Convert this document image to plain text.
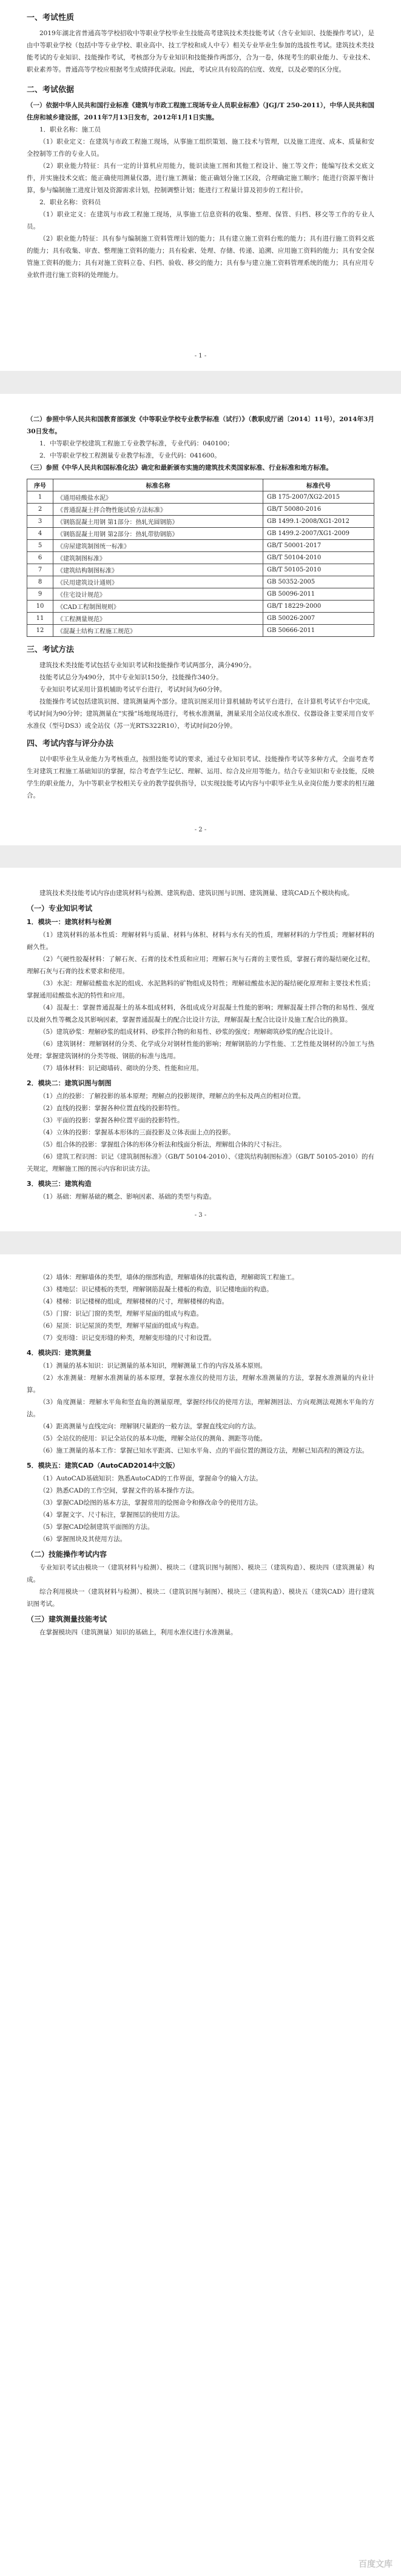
一、考试性质

2019年湖北省普通高等学校招收中等职业学校毕业生技能高考建筑技术类技能考试（含专业知识、技能操作考试），是由中等职业学校（包括中等专业学校、职业高中、技工学校和成人中专）相关专业毕业生参加的选拔性考试。建筑技术类技能考试的专业知识、技能操作考试，考核部分为专业知识和技能操作两部分，合为一卷，体现考生的职业能力、专业技术、职业素养等。普通高等学校应根据考生成绩择优录取。因此，考试应具有较高的信度、效度，以及必要的区分度。

二、考试依据

（一）依据中华人民共和国行业标准《建筑与市政工程施工现场专业人员职业标准》（JGJ/T 250-2011），中华人民共和国住房和城乡建设部，2011年7月13日发布，2012年1月1日实施。

1．职业名称：施工员

（1）职业定义：在建筑与市政工程施工现场，从事施工组织策划、施工技术与管理，以及施工进度、成本、质量和安全控制等工作的专业人员。

（2）职业能力特征：具有一定的计算机应用能力，能识读施工图和其他工程设计、施工等文件；能编写技术交底文件，并实施技术交底；能正确使用测量仪器，进行施工测量；能正确划分施工区段，合理确定施工顺序；能进行资源平衡计算，参与编制施工进度计划及资源需求计划，控制调整计划；能进行工程量计算及初步的工程计价。

2．职业名称：资料员

（1）职业定义：在建筑与市政工程施工现场，从事施工信息资料的收集、整理、保管、归档、移交等工作的专业人员。

（2）职业能力特征：具有参与编制施工资料管理计划的能力；具有建立施工资料台账的能力；具有进行施工资料交底的能力；具有收集、审查、整理施工资料的能力；具有检索、处理、存储、传递、追溯、应用施工资料的能力；具有安全保管施工资料的能力；具有对施工资料立卷、归档、验收、移交的能力；具有参与建立施工资料管理系统的能力；具有应用专业软件进行施工资料的处理能力。

- 1 -

（二）参照中华人民共和国教育部颁发《中等职业学校专业教学标准（试行）》（教职成厅函〔2014〕11号），2014年3月30日发布。

1．中等职业学校建筑工程施工专业教学标准，专业代码：040100；

2．中等职业学校工程测量专业教学标准，专业代码：041600。

（三）参照《中华人民共和国标准化法》确定和最新颁布实施的建筑技术类国家标准、行业标准和地方标准。

序号	标准名称	标准代号
1	《通用硅酸盐水泥》	GB 175-2007/XG2-2015
2	《普通混凝土拌合物性能试验方法标准》	GB/T 50080-2016
3	《钢筋混凝土用钢 第1部分：热轧光圆钢筋》	GB 1499.1-2008/XG1-2012
4	《钢筋混凝土用钢 第2部分：热轧带肋钢筋》	GB 1499.2-2007/XG1-2009
5	《房屋建筑制图统一标准》	GB/T 50001-2017
6	《建筑制图标准》	GB/T 50104-2010
7	《建筑结构制图标准》	GB/T 50105-2010
8	《民用建筑设计通则》	GB 50352-2005
9	《住宅设计规范》	GB 50096-2011
10	《CAD工程制图规则》	GB/T 18229-2000
11	《工程测量规范》	GB 50026-2007
12	《混凝土结构工程施工规范》	GB 50666-2011
三、考试方法

建筑技术类技能考试包括专业知识考试和技能操作考试两部分，满分490分。

技能考试总分为490分，其中专业知识150分，技能操作340分。

专业知识考试采用计算机辅助考试平台进行，考试时间为60分钟。

技能操作考试包括建筑识图、建筑测量两个部分。建筑识图采用计算机辅助考试平台进行，在计算机考试平台中完成，考试时间为90分钟；建筑测量在“实操”场地现场进行，考核水准测量，测量采用全站仪或水准仪、仪器设备主要采用自安平水准仪（型号DS3）或全站仪（苏一光RTS322R10），考试时间20分钟。

四、考试内容与评分办法

以中职毕业生从业能力为考核重点，按照技能考试的要求，通过专业知识考试、技能操作考试等多种方式，全面考查考生对建筑工程施工基础知识的掌握，综合考查学生记忆、理解、运用、综合及应用等能力。结合专业知识和专业技能，反映学生的职业能力，为中等职业学校相关专业的教学提供指导，以实现技能考试内容与中职毕业生从业岗位能力要求的相互融合。

- 2 -

建筑技术类技能考试内容由建筑材料与检测、建筑构造、建筑识图与识图、建筑测量、建筑CAD五个模块构成。

（一）专业知识考试
1．模块一：建筑材料与检测

（1）建筑材料的基本性质：理解材料与质量、材料与体积、材料与水有关的性质，理解材料的力学性质；理解材料的耐久性。

（2）气硬性胶凝材料：了解石灰、石膏的技术性质和应用；理解石灰与石膏的主要性质，掌握石膏的凝结硬化过程，理解石灰与石膏的技术要求和使用。

（3）水泥：理解硅酸盐水泥的组成、水泥熟料的矿物组成及特性；理解硅酸盐水泥的凝结硬化原理和主要技术性质；掌握通用硅酸盐水泥的特性和应用。

（4）混凝土：掌握普通混凝土的基本组成材料，各组成成分对混凝土性能的影响；理解混凝土拌合物的和易性、强度以及耐久性等概念及其影响因素，掌握普通混凝土的配合比设计方法，理解混凝土配合比设计及施工配合比的换算。

（5）建筑砂浆：理解砂浆的组成材料、砂浆拌合物的和易性、砂浆的强度；理解砌筑砂浆的配合比设计。

（6）建筑钢材：理解钢材的分类、化学成分对钢材性能的影响；理解钢筋的力学性能、工艺性能及钢材的冷加工与热处理；掌握建筑钢材的分类等级、钢筋的标准与选用。

（7）墙体材料：识记砌墙砖、砌块的分类、性能和应用。

2．模块二：建筑识图与制图

（1）点的投影：了解投影的基本原理；理解点的投影规律，理解点的坐标及两点的相对位置。

（2）直线的投影：掌握各种位置直线的投影特性。

（3）平面的投影：掌握各种位置平面的投影特性。

（4）立体的投影：掌握基本形体的三面投影及立体表面上点的投影。

（5）组合体的投影：掌握组合体的形体分析法和线面分析法，理解组合体的尺寸标注。

（6）建筑工程识图：识记《建筑制图标准》（GB/T 50104-2010）、《建筑结构制图标准》（GB/T 50105-2010）的有关规定，理解施工图的图示内容和识读方法。

3．模块三：建筑构造

（1）基础：理解基础的概念、影响因素、基础的类型与构造。

- 3 -

（2）墙体：理解墙体的类型，墙体的细部构造，理解墙体的抗震构造，理解砌筑工程施工。

（3）楼地层：识记楼板的类型，理解钢筋混凝土楼板的构造，识记楼地面的构造。

（4）楼梯：识记楼梯的组成，理解楼梯的尺寸，理解楼梯的构造。

（5）门窗：识记门窗的类型，理解平屋面的组成与构造。

（6）屋顶：识记屋顶的类型，理解平屋面的组成与构造。

（7）变形缝：识记变形缝的种类，理解变形缝的尺寸和设置。

4．模块四：建筑测量

（1）测量的基本知识：识记测量的基本知识，理解测量工作的内容及基本原则。

（2）水准测量：理解水准测量的基本原理，掌握水准仪的使用方法，理解水准测量的方法，掌握水准测量的内业计算。

（3）角度测量：理解水平角和竖直角的测量原理，掌握经纬仪的使用方法，理解测回法、方向观测法观测水平角的方法。

（4）距离测量与直线定向：理解钢尺量距的一般方法，掌握直线定向的方法。

（5）全站仪的使用：识记全站仪的基本功能，理解全站仪的测角、测距等功能。

（6）施工测量的基本工作：掌握已知水平距离、已知水平角、点的平面位置的测设方法，理解已知高程的测设方法。

5．模块五：建筑CAD（AutoCAD2014中文版）

（1）AutoCAD基础知识：熟悉AutoCAD的工作界面，掌握命令的输入方法。

（2）熟悉CAD的工作空间，掌握文件的基本操作方法。

（3）掌握CAD绘图的基本方法，掌握常用的绘图命令和修改命令的使用方法。

（4）掌握文字、尺寸标注，掌握图层的使用方法。

（5）掌握CAD绘制建筑平面图的方法。

（6）掌握图块及其使用方法。

（二）技能操作考试内容

专业知识考试由模块一（建筑材料与检测）、模块二（建筑识图与制图）、模块三（建筑构造）、模块四（建筑测量）构成。

综合利用模块一（建筑材料与检测）、模块二（建筑识图与制图）、模块三（建筑构造）、模块五（建筑CAD）进行建筑识图考试。

（三）建筑测量技能考试

在掌握模块四（建筑测量）知识的基础上，利用水准仪进行水准测量。

百度文库
